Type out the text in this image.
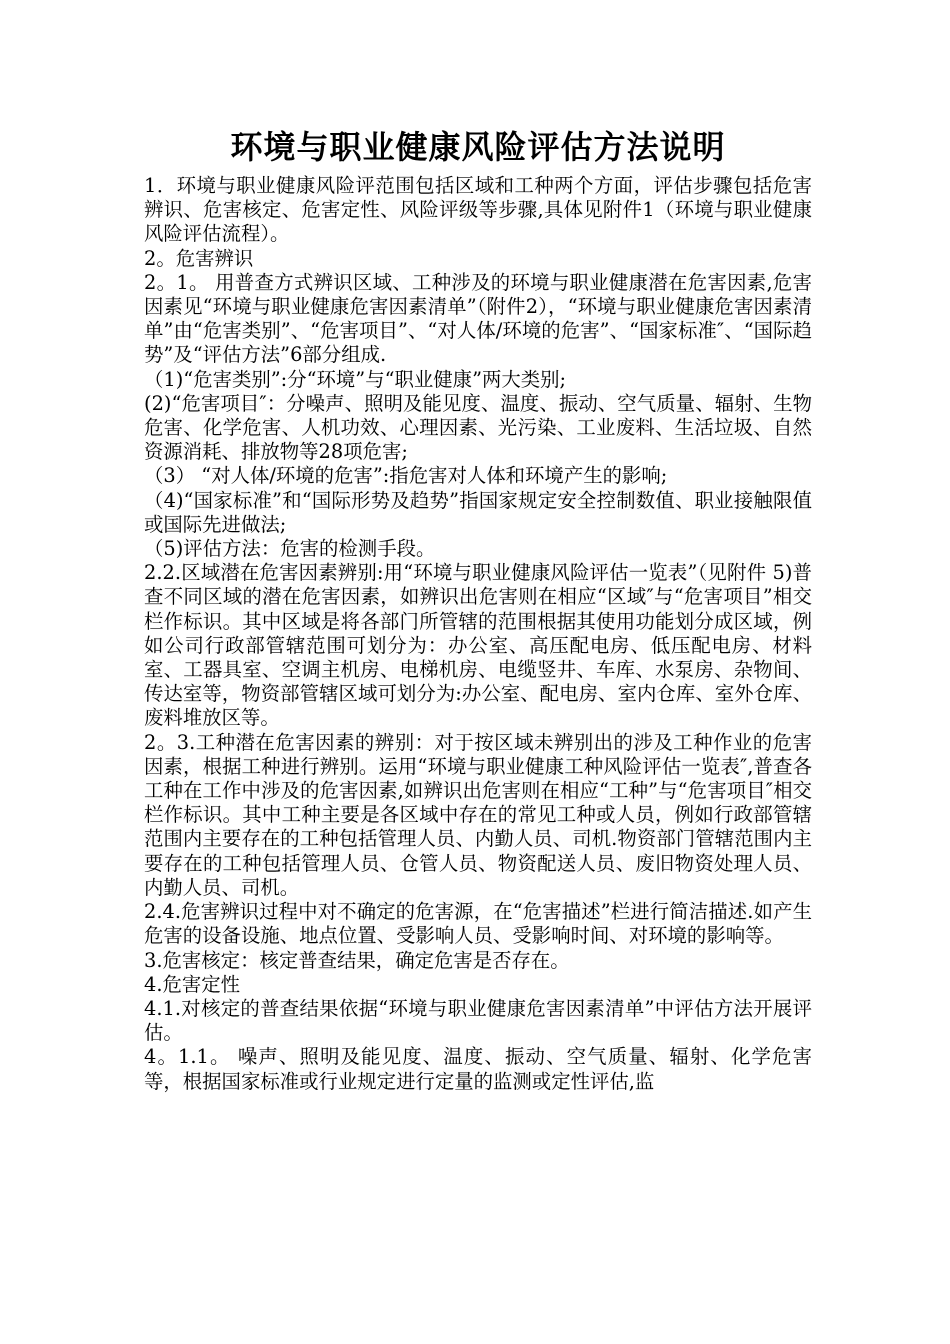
环境与职业健康风险评估方法说明

1．环境与职业健康风险评范围包括区域和工种两个方面，评估步骤包括危害辨识、危害核定、危害定性、风险评级等步骤,具体见附件1（环境与职业健康风险评估流程）。

2。危害辨识

2。1。 用普查方式辨识区域、工种涉及的环境与职业健康潜在危害因素,危害因素见“环境与职业健康危害因素清单”（附件2），“环境与职业健康危害因素清单”由“危害类别”、“危害项目”、“对人体/环境的危害”、“国家标准″、“国际趋势”及“评估方法”6部分组成.

（1)“危害类别”:分“环境”与“职业健康”两大类别;

(2)“危害项目″：分噪声、照明及能见度、温度、振动、空气质量、辐射、生物危害、化学危害、人机功效、心理因素、光污染、工业废料、生活垃圾、自然资源消耗、排放物等28项危害;

（3） “对人体/环境的危害”:指危害对人体和环境产生的影响;

（4)“国家标准”和“国际形势及趋势”指国家规定安全控制数值、职业接触限值或国际先进做法;

（5)评估方法：危害的检测手段。

2.2.区域潜在危害因素辨别:用“环境与职业健康风险评估一览表”（见附件 5)普查不同区域的潜在危害因素，如辨识出危害则在相应“区域″与“危害项目”相交栏作标识。其中区域是将各部门所管辖的范围根据其使用功能划分成区域，例如公司行政部管辖范围可划分为：办公室、高压配电房、低压配电房、材料室、工器具室、空调主机房、电梯机房、电缆竖井、车库、水泵房、杂物间、传达室等，物资部管辖区域可划分为:办公室、配电房、室内仓库、室外仓库、废料堆放区等。

2。3.工种潜在危害因素的辨别：对于按区域未辨别出的涉及工种作业的危害因素，根据工种进行辨别。运用“环境与职业健康工种风险评估一览表″,普查各工种在工作中涉及的危害因素,如辨识出危害则在相应“工种”与“危害项目″相交栏作标识。其中工种主要是各区域中存在的常见工种或人员，例如行政部管辖范围内主要存在的工种包括管理人员、内勤人员、司机.物资部门管辖范围内主要存在的工种包括管理人员、仓管人员、物资配送人员、废旧物资处理人员、内勤人员、司机。

2.4.危害辨识过程中对不确定的危害源，在“危害描述”栏进行简洁描述.如产生危害的设备设施、地点位置、受影响人员、受影响时间、对环境的影响等。

3.危害核定：核定普查结果，确定危害是否存在。

4.危害定性

4.1.对核定的普查结果依据“环境与职业健康危害因素清单”中评估方法开展评估。

4。1.1。 噪声、照明及能见度、温度、振动、空气质量、辐射、化学危害等，根据国家标准或行业规定进行定量的监测或定性评估,监
